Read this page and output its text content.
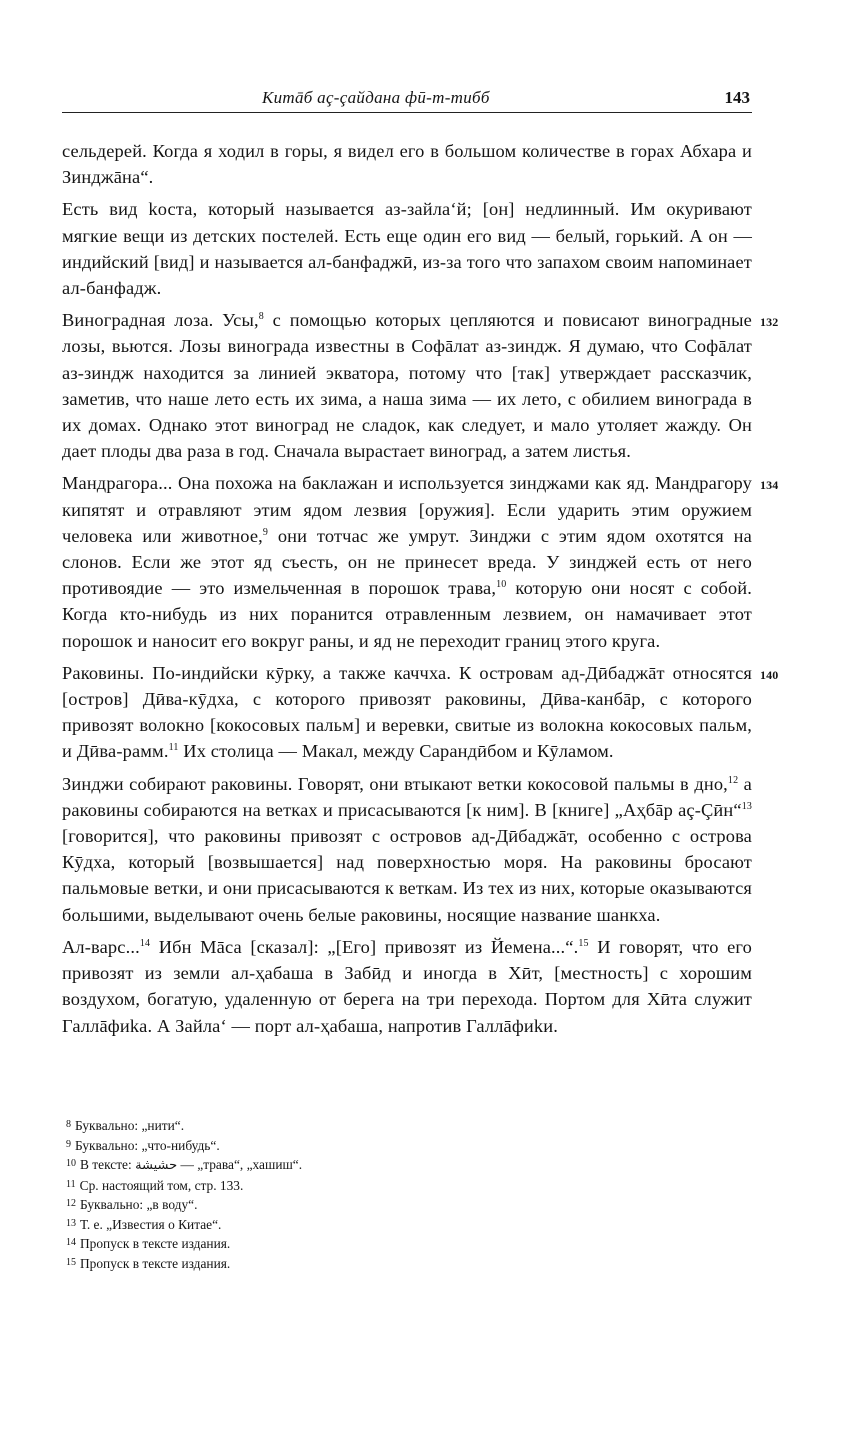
Китāб аç-çайдана фӣ-т-тибб	143

сельдерей. Когда я ходил в горы, я видел его в большом количестве в горах Абхара и Зинджāна“.

Есть вид kоста, который называется аз-зайла‘й; [он] недлинный. Им окуривают мягкие вещи из детских постелей. Есть еще один его вид — белый, горький. А он — индийский [вид] и называется ал-банфаджӣ, из-за того что запахом своим напоминает ал-банфадж.

Виноградная лоза. Усы,$^8$ с помощью которых цепляются и повисают виноградные лозы, вьются. Лозы винограда известны в Софāлат аз-зиндж. Я думаю, что Софāлат аз-зиндж находится за линией экватора, потому что [так] утверждает рассказчик, заметив, что наше лето есть их зима, а наша зима — их лето, с обилием винограда в их домах. Однако этот виноград не сладок, как следует, и мало утоляет жажду. Он дает плоды два раза в год. Сначала вырастает виноград, а затем листья.
132

Мандрагора... Она похожа на баклажан и используется зинджами как яд. Мандрагору кипятят и отравляют этим ядом лезвия [оружия]. Если ударить этим оружием человека или животное,$^9$ они тотчас же умрут. Зинджи с этим ядом охотятся на слонов. Если же этот яд съесть, он не принесет вреда. У зинджей есть от него противоядие — это измельченная в порошок трава,$^{10}$ которую они носят с собой. Когда кто-нибудь из них поранится отравленным лезвием, он намачивает этот порошок и наносит его вокруг раны, и яд не переходит границ этого круга.
134

Раковины. По-индийски кӯрку, а также каччха. К островам ад-Дӣбаджāт относятся [остров] Дӣва-кӯдха, с которого привозят раковины, Дӣва-канбāр, с которого привозят волокно [кокосовых пальм] и веревки, свитые из волокна кокосовых пальм, и Дӣва-рамм.$^{11}$ Их столица — Макал, между Сарандӣбом и Кӯламом.
140

Зинджи собирают раковины. Говорят, они втыкают ветки кокосовой пальмы в дно,$^{12}$ а раковины собираются на ветках и присасываются [к ним]. В [книге] „Аҳбāр аç-Çӣн“$^{13}$ [говорится], что раковины привозят с островов ад-Дӣбаджāт, особенно с острова Кӯдха, который [возвышается] над поверхностью моря. На раковины бросают пальмовые ветки, и они присасываются к веткам. Из тех из них, которые оказываются большими, выделывают очень белые раковины, носящие название шанкха.

Ал-варс...$^{14}$ Ибн Мāса [сказал]: „[Его] привозят из Йемена...“.$^{15}$ И говорят, что его привозят из земли ал-ҳабаша в Забӣд и иногда в Хӣт, [местность] с хорошим воздухом, богатую, удаленную от берега на три перехода. Портом для Хӣта служит Галлāфиkа. А Зайла‘ — порт ал-ҳабаша, напротив Галлāфиkи.

$^8$ Буквально: „нити“.
$^9$ Буквально: „что-нибудь“.
$^{10}$ В тексте: حشيشة — „трава“, „хашиш“.
$^{11}$ Ср. настоящий том, стр. 133.
$^{12}$ Буквально: „в воду“.
$^{13}$ Т. е. „Известия о Китае“.
$^{14}$ Пропуск в тексте издания.
$^{15}$ Пропуск в тексте издания.
